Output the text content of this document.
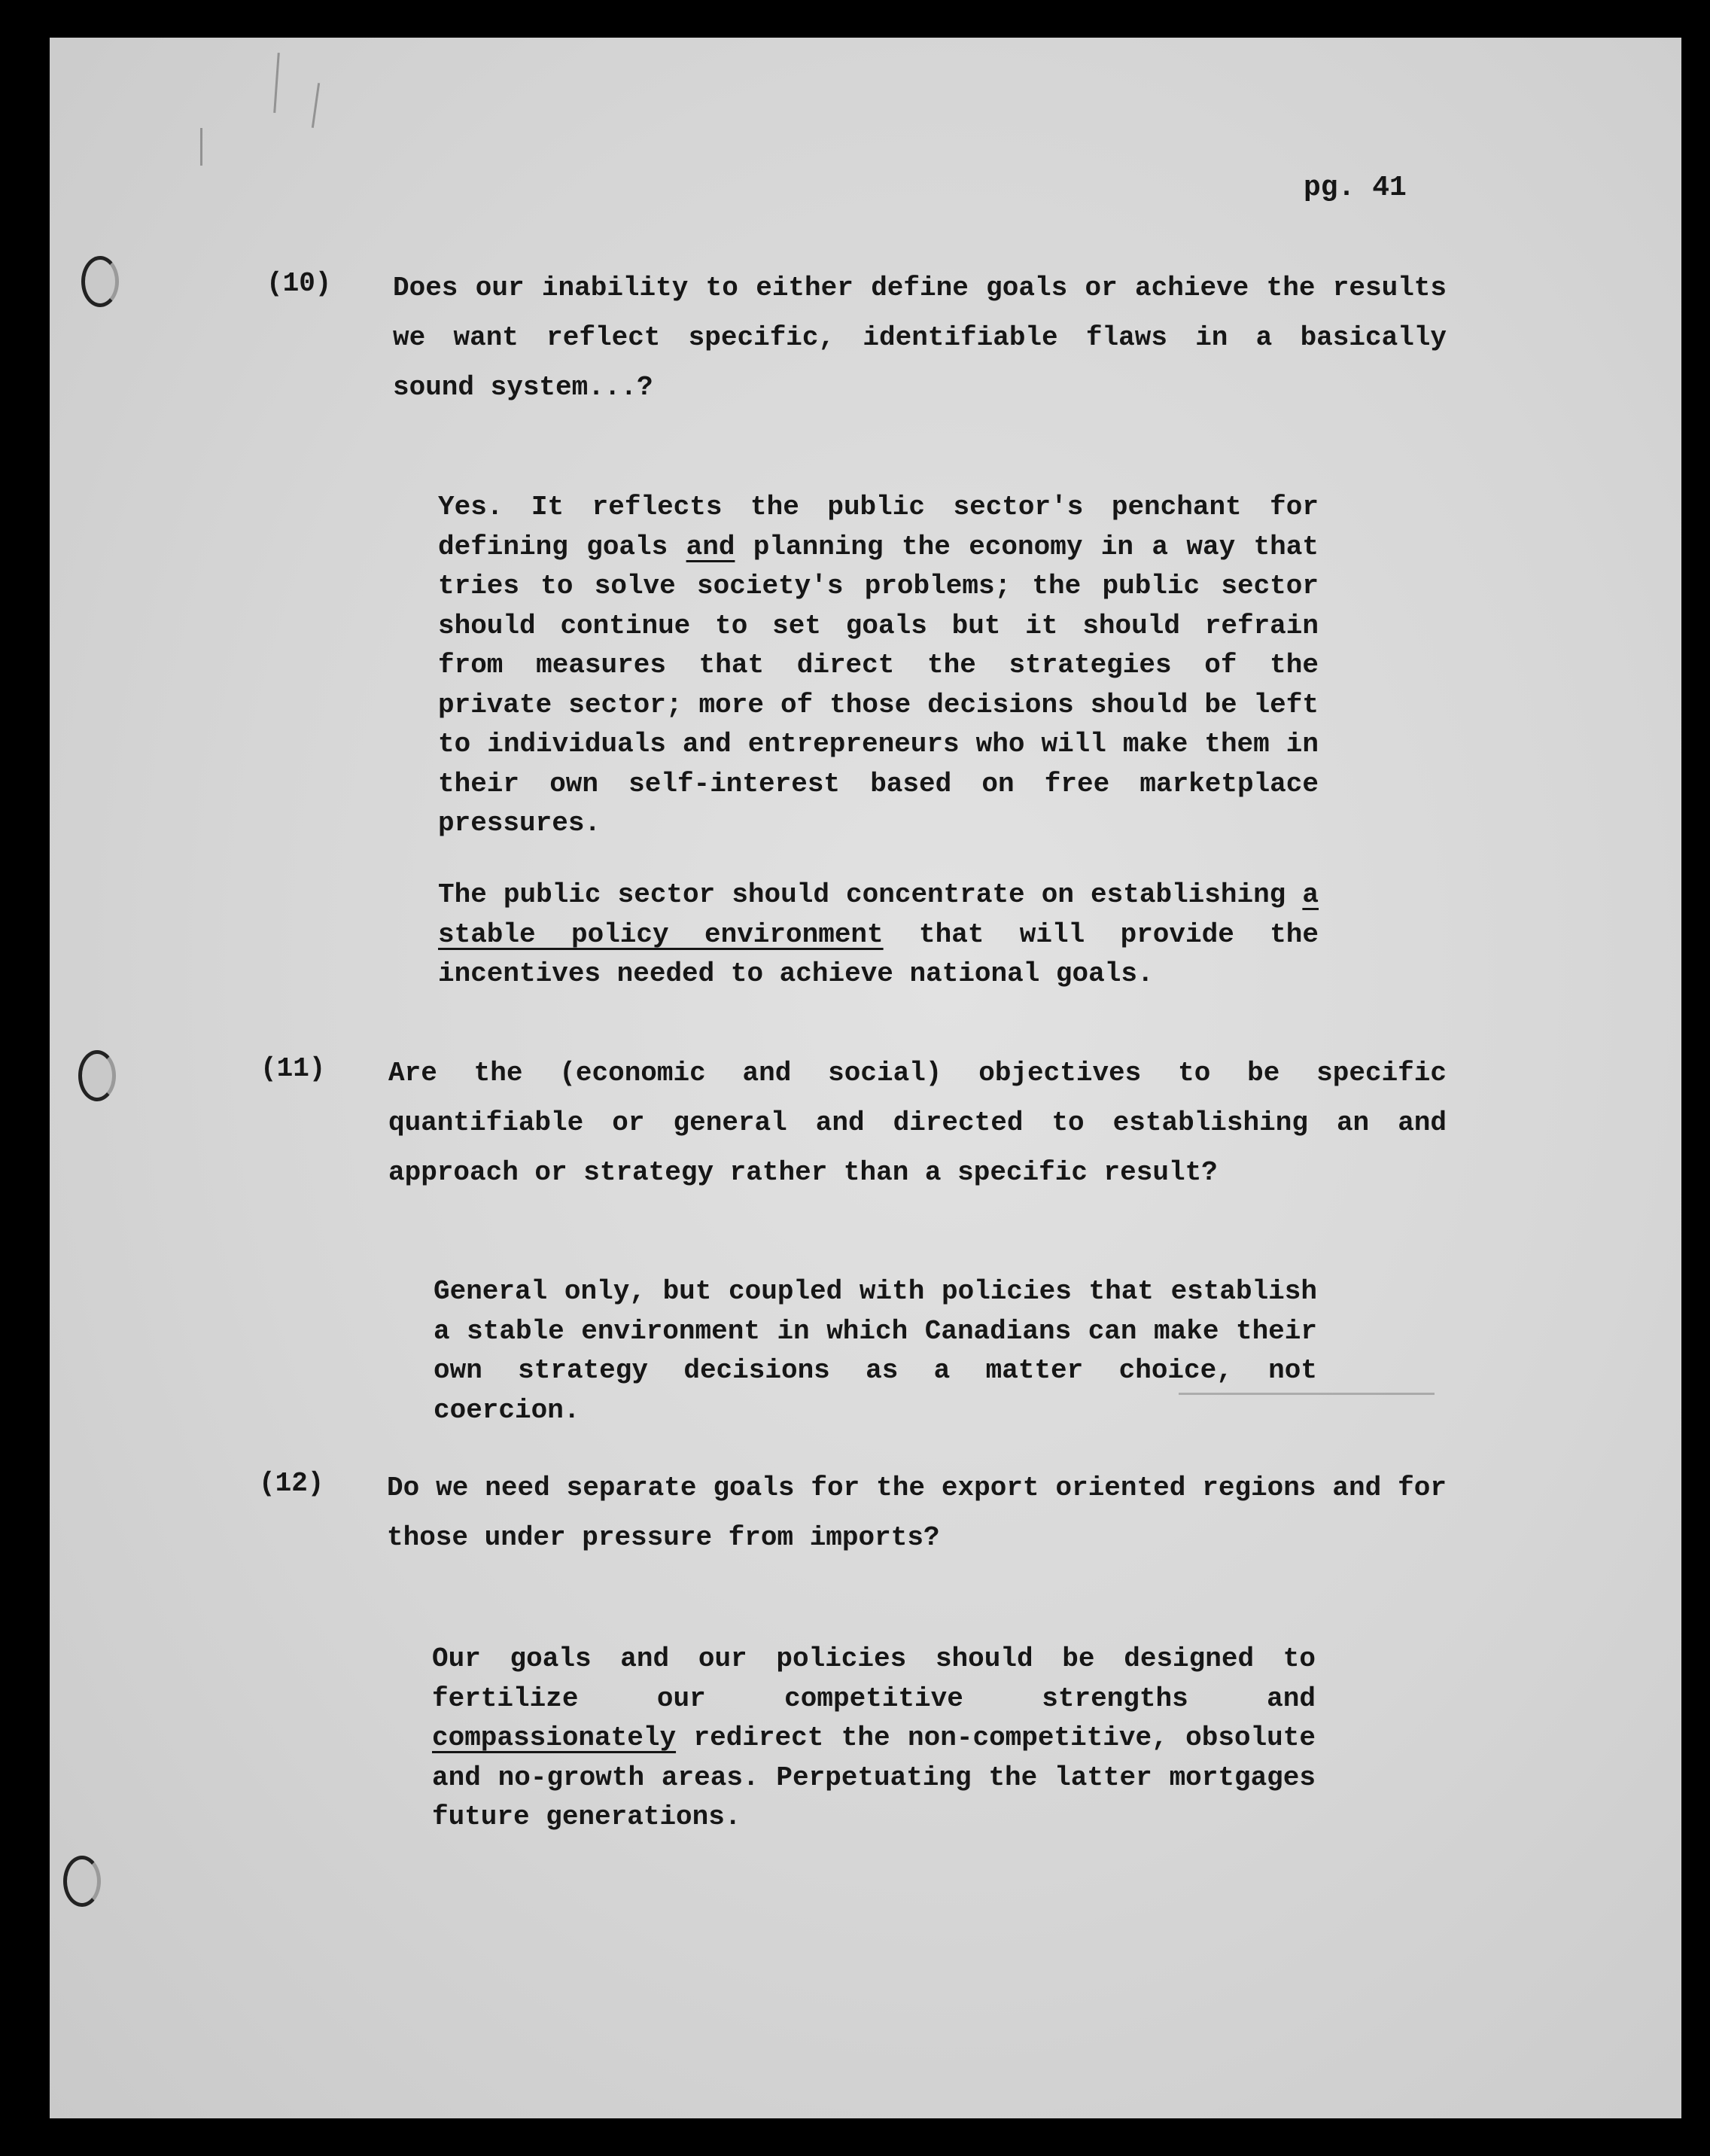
pg. 41
(10) Does our inability to either define goals or achieve the results we want reflect specific, identifiable flaws in a basically sound system...?

Yes. It reflects the public sector's penchant for defining goals and planning the economy in a way that tries to solve society's problems; the public sector should continue to set goals but it should refrain from measures that direct the strategies of the private sector; more of those decisions should be left to individuals and entrepreneurs who will make them in their own self-interest based on free marketplace pressures.

The public sector should concentrate on establishing a stable policy environment that will provide the incentives needed to achieve national goals.

(11) Are the (economic and social) objectives to be specific quantifiable or general and directed to establishing an and approach or strategy rather than a specific result?

General only, but coupled with policies that establish a stable environment in which Canadians can make their own strategy decisions as a matter choice, not coercion.

(12) Do we need separate goals for the export oriented regions and for those under pressure from imports?

Our goals and our policies should be designed to fertilize our competitive strengths and compassionately redirect the non-competitive, obsolute and no-growth areas. Perpetuating the latter mortgages future generations.
